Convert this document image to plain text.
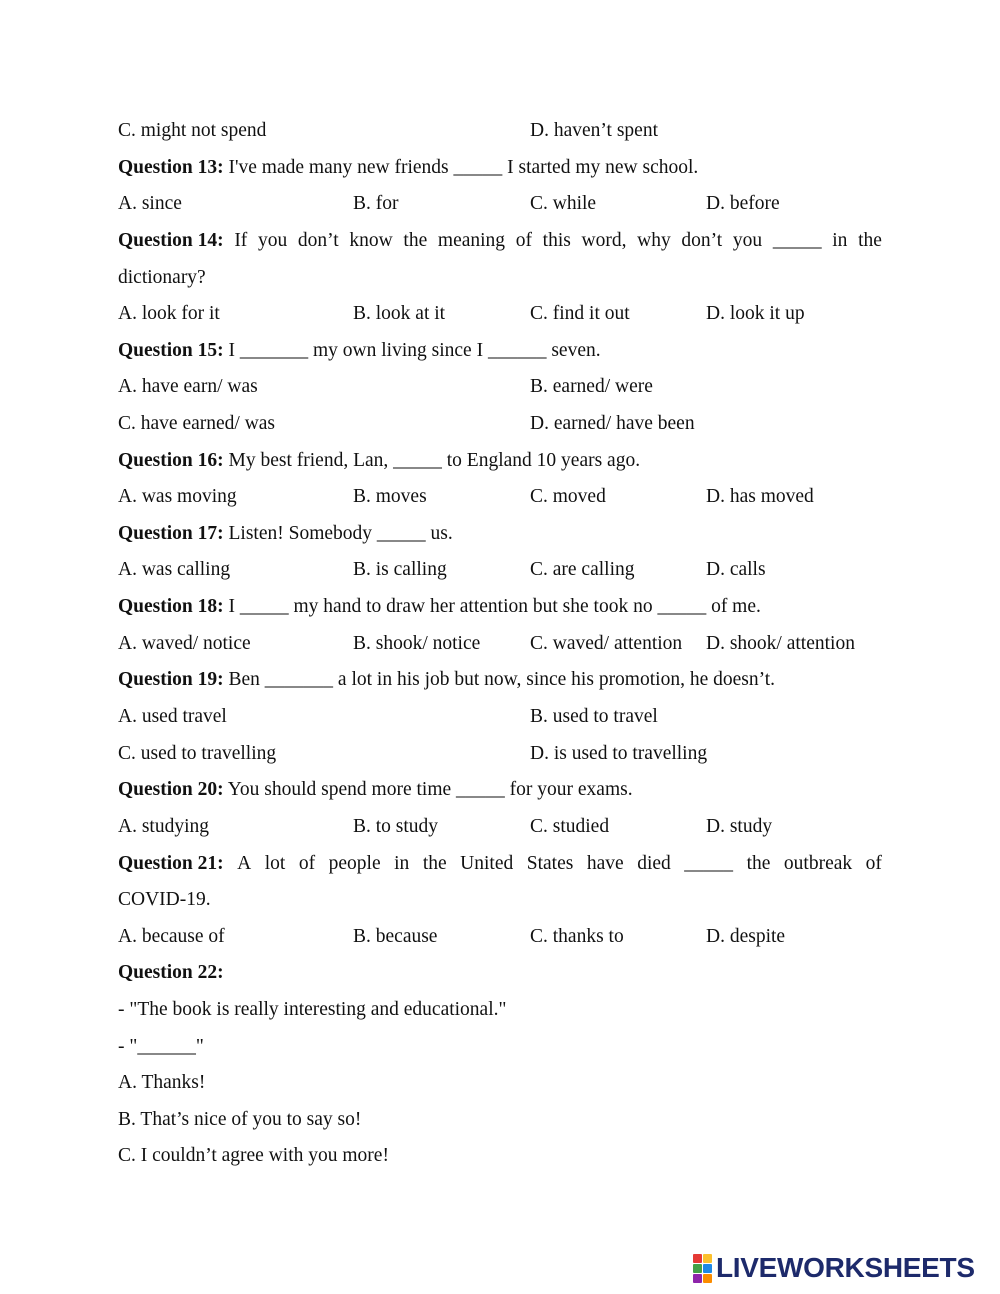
C. might not spend	D. haven’t spent
Question 13: I've made many new friends _____ I started my new school.
A. since	B. for	C. while	D. before
Question 14: If you don’t know the meaning of this word, why don’t you _____ in the
dictionary?
A. look for it	B. look at it	C. find it out	D. look it up
Question 15: I _______ my own living since I ______ seven.
A. have earn/ was	B. earned/ were
C. have earned/ was	D. earned/ have been
Question 16: My best friend, Lan, _____ to England 10 years ago.
A. was moving	B. moves	C. moved	D. has moved
Question 17: Listen! Somebody _____ us.
A. was calling	B. is calling	C. are calling	D. calls
Question 18: I _____ my hand to draw her attention but she took no _____ of me.
A. waved/ notice	B. shook/ notice	C. waved/ attention D. shook/ attention
Question 19: Ben _______ a lot in his job but now, since his promotion, he doesn’t.
A. used travel	B. used to travel
C. used to travelling	D. is used to travelling
Question 20: You should spend more time _____ for your exams.
A. studying	B. to study	C. studied	D. study
Question 21: A lot of people in the United States have died _____ the outbreak of
COVID-19.
A. because of	B. because	C. thanks to	D. despite
Question 22:
- "The book is really interesting and educational."
- "______"
A. Thanks!
B. That’s nice of you to say so!
C. I couldn’t agree with you more!
LIVEWORKSHEETS
